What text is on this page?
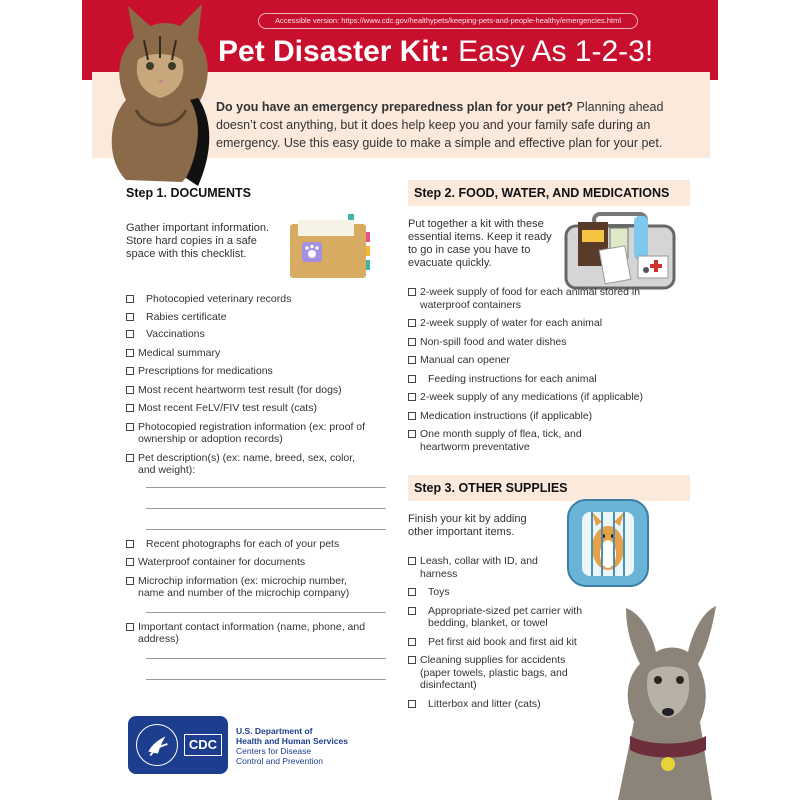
Accessible version: https://www.cdc.gov/healthypets/keeping-pets-and-people-healthy/emergencies.html
Pet Disaster Kit: Easy As 1-2-3!

Do you have an emergency preparedness plan for your pet? Planning ahead doesn’t cost anything, but it does help keep you and your family safe during an emergency. Use this easy guide to make a simple and effective plan for your pet.

Step 1. DOCUMENTS
Gather important information. Store hard copies in a safe space with this checklist.
Photocopied veterinary records
Rabies certificate
Vaccinations
Medical summary
Prescriptions for medications
Most recent heartworm test result (for dogs)
Most recent FeLV/FIV test result (cats)
Photocopied registration information (ex: proof of ownership or adoption records)
Pet description(s) (ex: name, breed, sex, color, and weight):
Recent photographs for each of your pets
Waterproof container for documents
Microchip information (ex: microchip number, name and number of the microchip company)
Important contact information (name, phone, and address)
Step 2. FOOD, WATER, AND MEDICATIONS
Put together a kit with these essential items. Keep it ready to go in case you have to evacuate quickly.
2-week supply of food for each animal stored in waterproof containers
2-week supply of water for each animal
Non-spill food and water dishes
Manual can opener
Feeding instructions for each animal
2-week supply of any medications (if applicable)
Medication instructions (if applicable)
One month supply of flea, tick, and heartworm preventative
Step 3. OTHER SUPPLIES
Finish your kit by adding other important items.
Leash, collar with ID, and harness
Toys
Appropriate-sized pet carrier with bedding, blanket, or towel
Pet first aid book and first aid kit
Cleaning supplies for accidents (paper towels, plastic bags, and disinfectant)
Litterbox and litter (cats)
CDC
U.S. Department of
Health and Human Services
Centers for Disease
Control and Prevention
